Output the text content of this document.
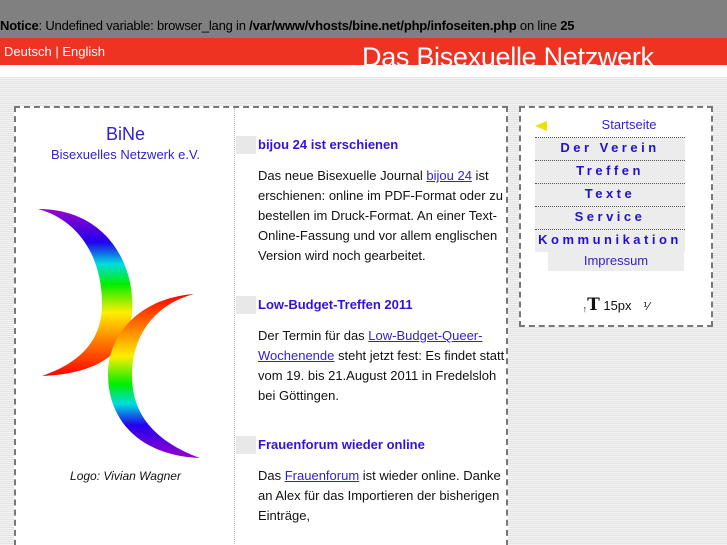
Notice: Undefined variable: browser_lang in /var/www/vhosts/bine.net/php/infoseiten.php on line 25
Deutsch | English	Das Bisexuelle Netzwerk
BiNe
Bisexuelles Netzwerk e.V.
Logo: Vivian Wagner
bijou 24 ist erschienen
Das neue Bisexuelle Journal bijou 24 ist erschienen: online im PDF-Format oder zu bestellen im Druck-Format. An einer Text-Online-Fassung und vor allem englischen Version wird noch gearbeitet.
Low-Budget-Treffen 2011
Der Termin für das Low-Budget-Queer-Wochenende steht jetzt fest: Es findet statt vom 19. bis 21.August 2011 in Fredelsloh bei Göttingen.
Frauenforum wieder online
Das Frauenforum ist wieder online. Danke an Alex für das Importieren der bisherigen Einträge,
Startseite
Der Verein
Treffen
Texte
Service
Kommunikation
Impressum
↑T 15px ⅟
